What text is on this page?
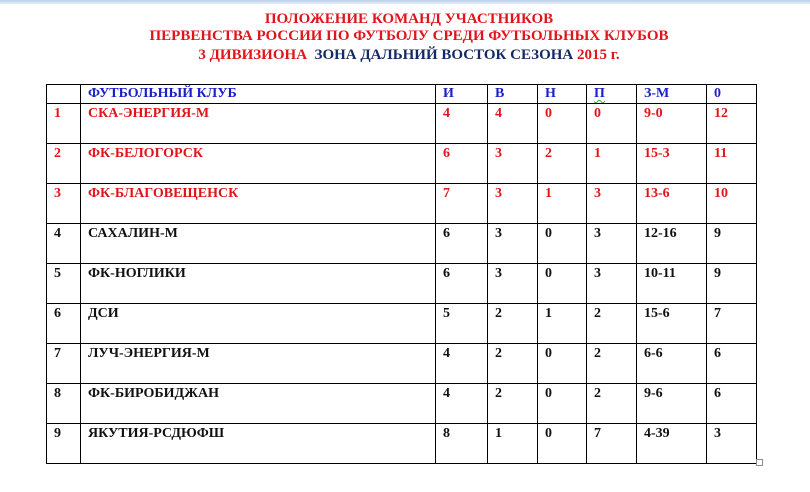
ПОЛОЖЕНИЕ КОМАНД УЧАСТНИКОВ
ПЕРВЕНСТВА РОССИИ ПО ФУТБОЛУ СРЕДИ ФУТБОЛЬНЫХ КЛУБОВ
3 ДИВИЗИОНА ЗОНА ДАЛЬНИЙ ВОСТОК СЕЗОНА 2015 г.
	ФУТБОЛЬНЫЙ КЛУБ	И	В	Н	П	З-М	0
1	СКА-ЭНЕРГИЯ-М	4	4	0	0	9-0	12
2	ФК-БЕЛОГОРСК	6	3	2	1	15-3	11
3	ФК-БЛАГОВЕЩЕНСК	7	3	1	3	13-6	10
4	САХАЛИН-М	6	3	0	3	12-16	9
5	ФК-НОГЛИКИ	6	3	0	3	10-11	9
6	ДСИ	5	2	1	2	15-6	7
7	ЛУЧ-ЭНЕРГИЯ-М	4	2	0	2	6-6	6
8	ФК-БИРОБИДЖАН	4	2	0	2	9-6	6
9	ЯКУТИЯ-РСДЮФШ	8	1	0	7	4-39	3
